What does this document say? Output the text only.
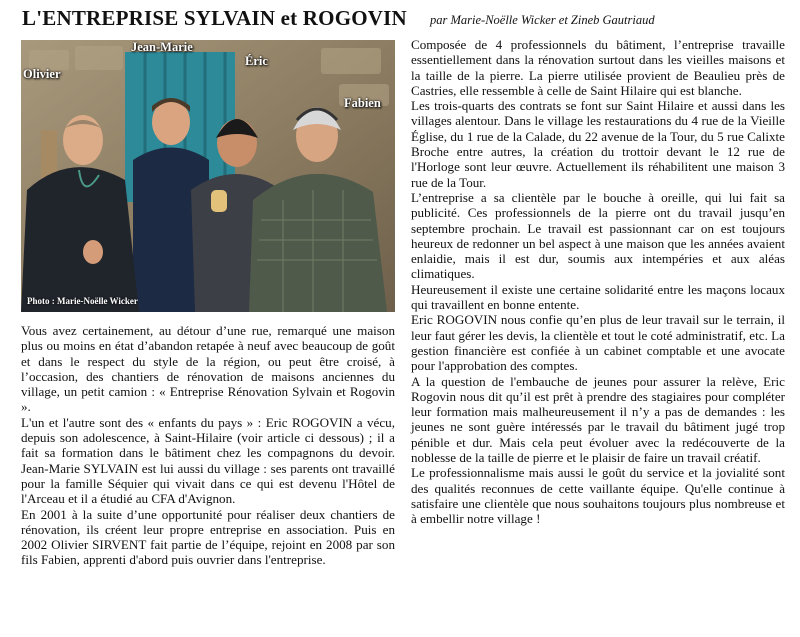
L'ENTREPRISE SYLVAIN et ROGOVIN par Marie-Noëlle Wicker et Zineb Gautriaud
Olivier
Jean-Marie
Éric
Fabien
Photo : Marie-Noëlle Wicker

Vous avez certainement, au détour d’une rue, remarqué une maison plus ou moins en état d’abandon retapée à neuf avec beaucoup de goût et dans le respect du style de la région, ou peut être croisé, à l’occasion, des chantiers de rénovation de maisons anciennes du village, un petit camion : « Entreprise Rénovation Sylvain et Rogovin ».

L'un et l'autre sont des « enfants du pays » : Eric ROGOVIN a vécu, depuis son adolescence, à Saint-Hilaire (voir article ci dessous) ; il a fait sa formation dans le bâtiment chez les compagnons du devoir. Jean-Marie SYLVAIN est lui aussi du village : ses parents ont travaillé pour la famille Séquier qui vivait dans ce qui est devenu l'Hôtel de l'Arceau et il a étudié au CFA d'Avignon.

En 2001 à la suite d’une opportunité pour réaliser deux chantiers de rénovation, ils créent leur propre entreprise en association. Puis en 2002 Olivier SIRVENT fait partie de l’équipe, rejoint en 2008 par son fils Fabien, apprenti d'abord puis ouvrier dans l'entreprise.

Composée de 4 professionnels du bâtiment, l’entreprise travaille essentiellement dans la rénovation surtout dans les vieilles maisons et la taille de la pierre. La pierre utilisée provient de Beaulieu près de Castries, elle ressemble à celle de Saint Hilaire qui est blanche.

Les trois-quarts des contrats se font sur Saint Hilaire et aussi dans les villages alentour. Dans le village les restaurations du 4 rue de la Vieille Église, du 1 rue de la Calade, du 22 avenue de la Tour, du 5 rue Calixte Broche entre autres, la création du trottoir devant le 12 rue de l'Horloge sont leur œuvre. Actuellement ils réhabilitent une maison 3 rue de la Tour.

L’entreprise a sa clientèle par le bouche à oreille, qui lui fait sa publicité. Ces professionnels de la pierre ont du travail jusqu’en septembre prochain. Le travail est passionnant car on est toujours heureux de redonner un bel aspect à une maison que les années avaient enlaidie, mais il est dur, soumis aux intempéries et aux aléas climatiques.

Heureusement il existe une certaine solidarité entre les maçons locaux qui travaillent en bonne entente.

Eric ROGOVIN nous confie qu’en plus de leur travail sur le terrain, il leur faut gérer les devis, la clientèle et tout le coté administratif, etc. La gestion financière est confiée à un cabinet comptable et une avocate pour l'approbation des comptes.

A la question de l'embauche de jeunes pour assurer la relève, Eric Rogovin nous dit qu’il est prêt à prendre des stagiaires pour compléter leur formation mais malheureusement il n’y a pas de demandes : les jeunes ne sont guère intéressés par le travail du bâtiment jugé trop pénible et dur. Mais cela peut évoluer avec la redécouverte de la noblesse de la taille de pierre et le plaisir de faire un travail créatif.

Le professionnalisme mais aussi le goût du service et la jovialité sont des qualités reconnues de cette vaillante équipe. Qu'elle continue à satisfaire une clientèle que nous souhaitons toujours plus nombreuse et à embellir notre village !
